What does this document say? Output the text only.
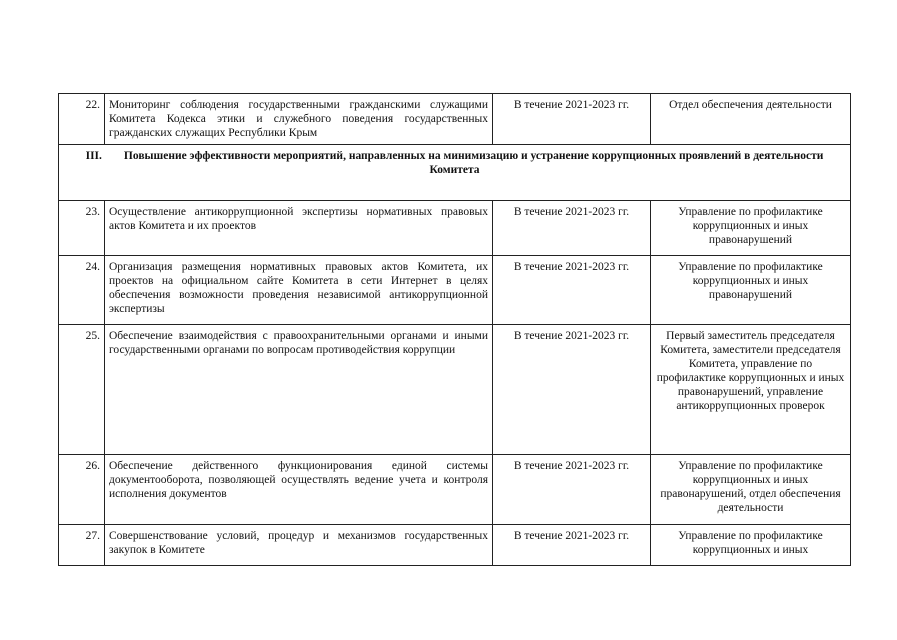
22.	Мониторинг соблюдения государственными гражданскими служащими Комитета Кодекса этики и служебного поведения государственных гражданских служащих Республики Крым	В течение 2021-2023 гг.	Отдел обеспечения деятельности
III. Повышение эффективности мероприятий, направленных на минимизацию и устранение коррупционных проявлений в деятельности Комитета			
23.	Осуществление антикоррупционной экспертизы нормативных правовых актов Комитета и их проектов	В течение 2021-2023 гг.	Управление по профилактике коррупционных и иных правонарушений
24.	Организация размещения нормативных правовых актов Комитета, их проектов на официальном сайте Комитета в сети Интернет в целях обеспечения возможности проведения независимой антикоррупционной экспертизы	В течение 2021-2023 гг.	Управление по профилактике коррупционных и иных правонарушений
25.	Обеспечение взаимодействия с правоохранительными органами и иными государственными органами по вопросам противодействия коррупции	В течение 2021-2023 гг.	Первый заместитель председателя Комитета, заместители председателя Комитета, управление по профилактике коррупционных и иных правонарушений, управление антикоррупционных проверок
26.	Обеспечение действенного функционирования единой системы документооборота, позволяющей осуществлять ведение учета и контроля исполнения документов	В течение 2021-2023 гг.	Управление по профилактике коррупционных и иных правонарушений, отдел обеспечения деятельности
27.	Совершенствование условий, процедур и механизмов государственных закупок в Комитете	В течение 2021-2023 гг.	Управление по профилактике коррупционных и иных
